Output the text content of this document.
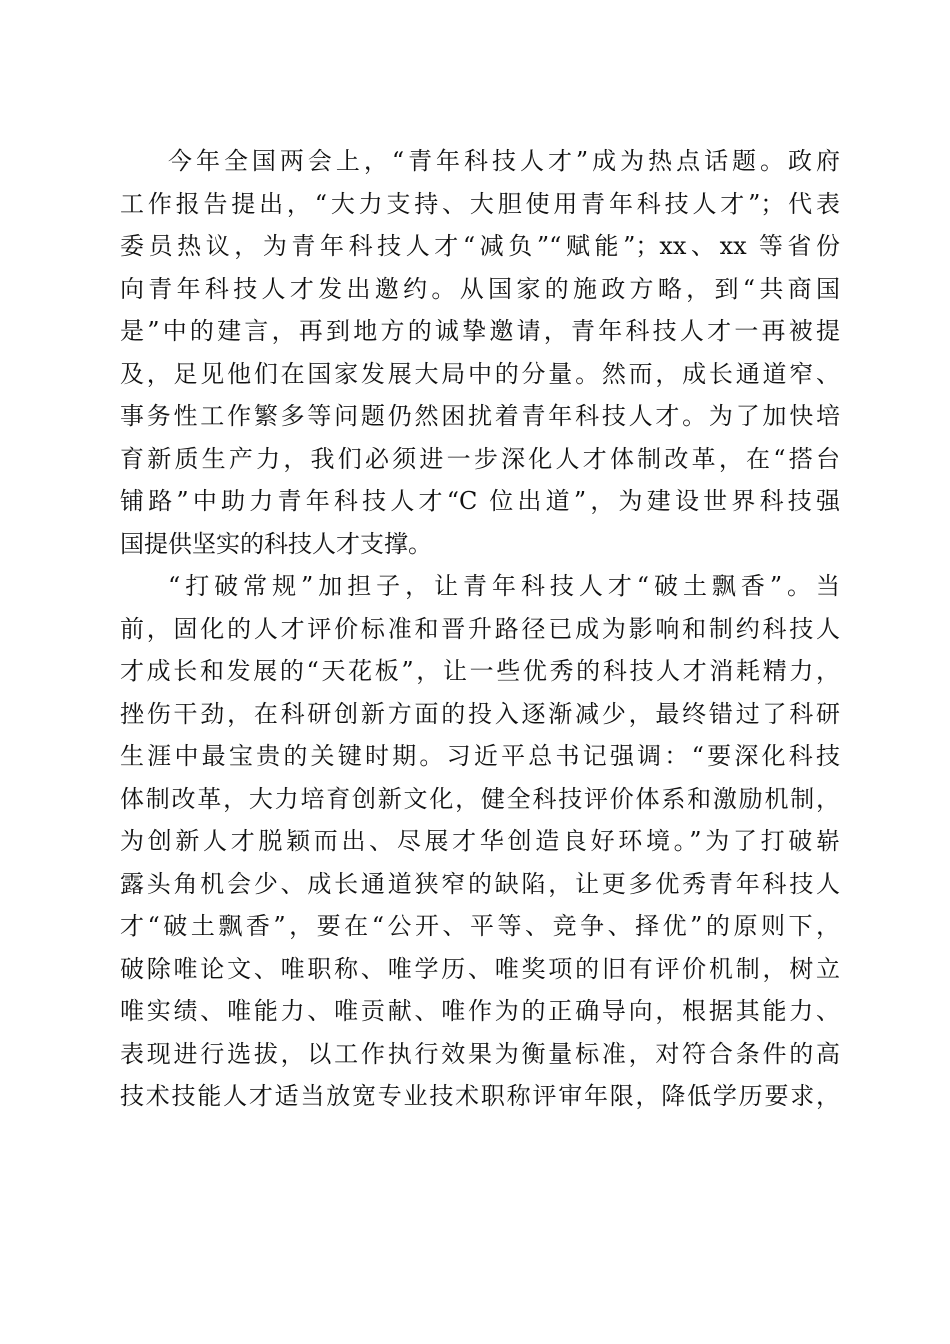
今年全国两会上，“青年科技人才”成为热点话题。政府
工作报告提出，“大力支持、大胆使用青年科技人才”；代表
委员热议，为青年科技人才“减负”“赋能”；xx、xx 等省份
向青年科技人才发出邀约。从国家的施政方略，到“共商国
是”中的建言，再到地方的诚挚邀请，青年科技人才一再被提
及，足见他们在国家发展大局中的分量。然而，成长通道窄、
事务性工作繁多等问题仍然困扰着青年科技人才。为了加快培
育新质生产力，我们必须进一步深化人才体制改革，在“搭台
铺路”中助力青年科技人才“C 位出道”，为建设世界科技强
国提供坚实的科技人才支撑。
“打破常规”加担子，让青年科技人才“破土飘香”。当
前，固化的人才评价标准和晋升路径已成为影响和制约科技人
才成长和发展的“天花板”，让一些优秀的科技人才消耗精力，
挫伤干劲，在科研创新方面的投入逐渐减少，最终错过了科研
生涯中最宝贵的关键时期。习近平总书记强调：“要深化科技
体制改革，大力培育创新文化，健全科技评价体系和激励机制，
为创新人才脱颖而出、尽展才华创造良好环境。”为了打破崭
露头角机会少、成长通道狭窄的缺陷，让更多优秀青年科技人
才“破土飘香”，要在“公开、平等、竞争、择优”的原则下，
破除唯论文、唯职称、唯学历、唯奖项的旧有评价机制，树立
唯实绩、唯能力、唯贡献、唯作为的正确导向，根据其能力、
表现进行选拔，以工作执行效果为衡量标准，对符合条件的高
技术技能人才适当放宽专业技术职称评审年限，降低学历要求，
